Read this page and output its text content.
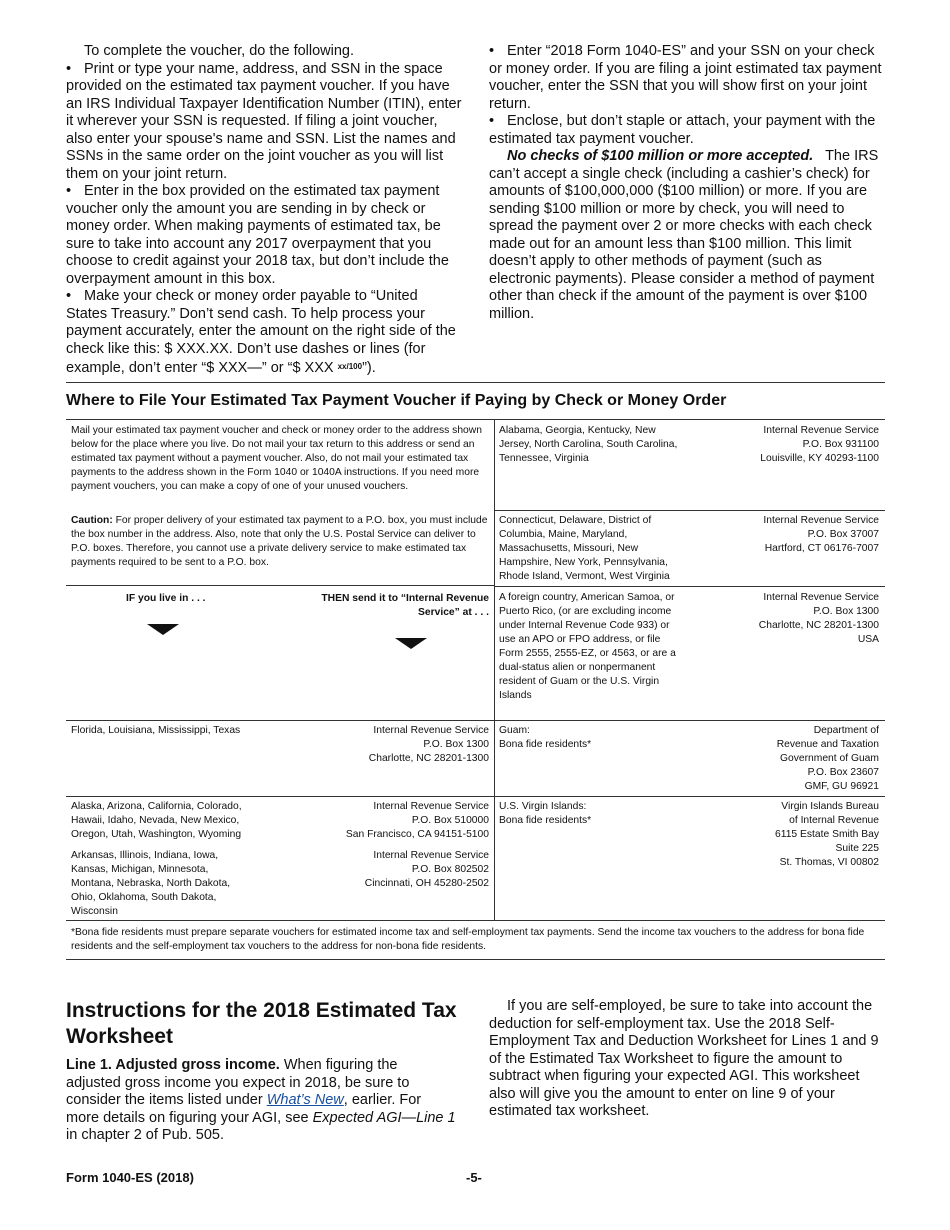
To complete the voucher, do the following.

• Print or type your name, address, and SSN in the space provided on the estimated tax payment voucher. If you have an IRS Individual Taxpayer Identification Number (ITIN), enter it wherever your SSN is requested. If filing a joint voucher, also enter your spouse's name and SSN. List the names and SSNs in the same order on the joint voucher as you will list them on your joint return.

• Enter in the box provided on the estimated tax payment voucher only the amount you are sending in by check or money order. When making payments of estimated tax, be sure to take into account any 2017 overpayment that you choose to credit against your 2018 tax, but don’t include the overpayment amount in this box.

• Make your check or money order payable to “United States Treasury.” Don’t send cash. To help process your payment accurately, enter the amount on the right side of the check like this: $ XXX.XX. Don’t use dashes or lines (for example, don’t enter “$ XXX—” or “$ XXX $^{xx/100}$”).

• Enter “2018 Form 1040-ES” and your SSN on your check or money order. If you are filing a joint estimated tax payment voucher, enter the SSN that you will show first on your joint return.

• Enclose, but don’t staple or attach, your payment with the estimated tax payment voucher.

No checks of $100 million or more accepted. The IRS can’t accept a single check (including a cashier’s check) for amounts of $100,000,000 ($100 million) or more. If you are sending $100 million or more by check, you will need to spread the payment over 2 or more checks with each check made out for an amount less than $100 million. This limit doesn’t apply to other methods of payment (such as electronic payments). Please consider a method of payment other than check if the amount of the payment is over $100 million.

Where to File Your Estimated Tax Payment Voucher if Paying by Check or Money Order
Mail your estimated tax payment voucher and check or money order to the address shown below for the place where you live. Do not mail your tax return to this address or send an estimated tax payment without a payment voucher. Also, do not mail your estimated tax payments to the address shown in the Form 1040 or 1040A instructions. If you need more payment vouchers, you can make a copy of one of your unused vouchers.
Caution: For proper delivery of your estimated tax payment to a P.O. box, you must include the box number in the address. Also, note that only the U.S. Postal Service can deliver to P.O. boxes. Therefore, you cannot use a private delivery service to make estimated tax payments required to be sent to a P.O. box.
IF you live in . . .	THEN send it to “Internal Revenue Service” at . . .
Florida, Louisiana, Mississippi, Texas	Internal Revenue Service
P.O. Box 1300
Charlotte, NC 28201-1300
Alaska, Arizona, California, Colorado, Hawaii, Idaho, Nevada, New Mexico, Oregon, Utah, Washington, Wyoming
Internal Revenue Service
P.O. Box 510000
San Francisco, CA 94151-5100
Arkansas, Illinois, Indiana, Iowa, Kansas, Michigan, Minnesota, Montana, Nebraska, North Dakota, Ohio, Oklahoma, South Dakota, Wisconsin
Internal Revenue Service
P.O. Box 802502
Cincinnati, OH 45280-2502
Alabama, Georgia, Kentucky, New Jersey, North Carolina, South Carolina, Tennessee, Virginia
Internal Revenue Service
P.O. Box 931100
Louisville, KY 40293-1100
Connecticut, Delaware, District of Columbia, Maine, Maryland, Massachusetts, Missouri, New Hampshire, New York, Pennsylvania, Rhode Island, Vermont, West Virginia
Internal Revenue Service
P.O. Box 37007
Hartford, CT 06176-7007
A foreign country, American Samoa, or Puerto Rico, (or are excluding income under Internal Revenue Code 933) or use an APO or FPO address, or file Form 2555, 2555-EZ, or 4563, or are a dual-status alien or nonpermanent resident of Guam or the U.S. Virgin Islands
Internal Revenue Service
P.O. Box 1300
Charlotte, NC 28201-1300
USA
Guam:
Bona fide residents*
Department of
Revenue and Taxation
Government of Guam
P.O. Box 23607
GMF, GU 96921
U.S. Virgin Islands:
Bona fide residents*
Virgin Islands Bureau
of Internal Revenue
6115 Estate Smith Bay
Suite 225
St. Thomas, VI 00802
*Bona fide residents must prepare separate vouchers for estimated income tax and self-employment tax payments. Send the income tax vouchers to the address for bona fide residents and the self-employment tax vouchers to the address for non-bona fide residents.
Instructions for the 2018 Estimated Tax Worksheet

Line 1. Adjusted gross income. When figuring the adjusted gross income you expect in 2018, be sure to consider the items listed under What’s New, earlier. For more details on figuring your AGI, see Expected AGI—Line 1 in chapter 2 of Pub. 505.

If you are self-employed, be sure to take into account the deduction for self-employment tax. Use the 2018 Self-Employment Tax and Deduction Worksheet for Lines 1 and 9 of the Estimated Tax Worksheet to figure the amount to subtract when figuring your expected AGI. This worksheet also will give you the amount to enter on line 9 of your estimated tax worksheet.

Form 1040-ES (2018)	-5-
